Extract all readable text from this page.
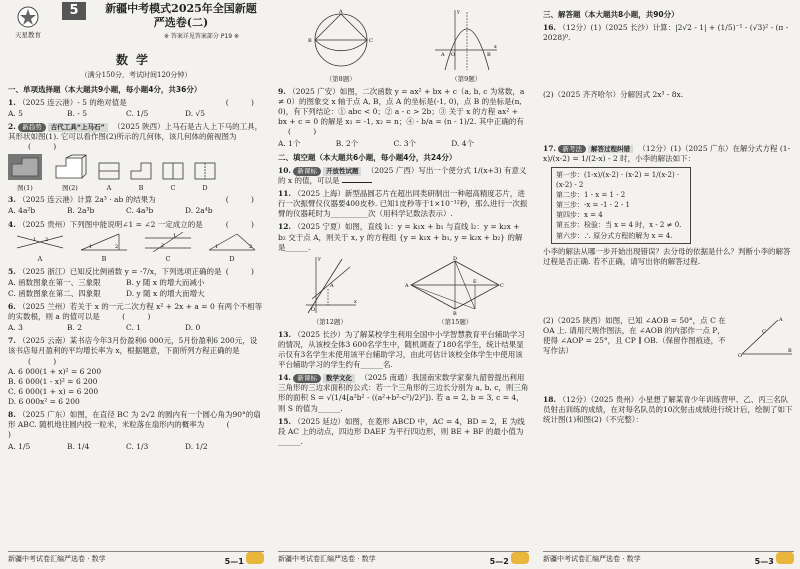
天星教育
5	新疆中考模式2025年全国新题
严选卷(二)
※ 答案详见答案部分 P19 ※
数学
（满分150分，考试时间120分钟）
一、单项选择题（本大题共9小题，每小题4分，共36分）
( )
1. （2025 连云港）- 5 的绝对值是
A. 5	B. - 5	C. 1/5	D. √5
2. 新趋势 古代工具“上马石” （2025 陕西）上马石是古人上下马的工具，其形状如图(1). 它可以看作图(2)所示的几何体，该几何体的俯视图为 ( )
图(1)	图(2)	A	B	C	D
( )
3. （2025 连云港）计算 2a³ · ab 的结果为
A. 4a²b	B. 2a³b	C. 4a³b	D. 2a⁴b
( )
4. （2025 贵州）下列图中能说明∠1 = ∠2 一定成立的是
1 2
A
1	2
B
1
2
C
1	2
D
( )
5. （2025 浙江）已知反比例函数 y = -7/x，下列选项正确的是
A. 函数图象在第一、三象限	B. y 随 x 的增大而减小
C. 函数图象在第二、四象限	D. y 随 x 的增大而增大
6. （2025 兰州）若关于 x 的一元二次方程 x² + 2x + a = 0 有两个不相等的实数根，则 a 的值可以是	( )
A. 3	B. 2	C. 1	D. 0
7. （2025 云南）某书店今年3月份盈利6 000元，5月份盈利6 200元，设该书店每月盈利的平均增长率为 x，根据题意，下面所列方程正确的是 ( )
A. 6 000(1 + x)² = 6 200
B. 6 000(1 - x)² = 6 200
C. 6 000(1 + x) = 6 200
D. 6 000x² = 6 200
8. （2025 广东）如图，在直径 BC 为 2√2 的圆内有一个圆心角为90°的扇形 ABC. 随机地往圆内投一粒米，米粒落在扇形内的概率为	( )
A. 1/5	B. 1/4	C. 1/3	D. 1/2
新疆中考试卷汇编严选卷 · 数学	5—1
A
B	C
（第8题）
A	B
O
x
y
（第9题）
9. （2025 广安）如图，二次函数 y = ax² + bx + c（a, b, c 为常数，a ≠ 0）的图象交 x 轴于点 A, B，点 A 的坐标是(-1, 0)，点 B 的坐标是(n, 0)，有下列结论：① abc < 0；② a - c > 2b；③ 关于 x 的方程 ax² + bx + c = 0 的解是 x₁ = -1, x₂ = n；④ - b/a = (n - 1)/2. 其中正确的有 ( )
A. 1个	B. 2个	C. 3个	D. 4个
二、填空题（本大题共6小题，每小题4分，共24分）
10. 新课标 开放性试题 （2025 广西）写出一个使分式 1/(x+3) 有意义的 x 的值，可以是
11. （2025 上海）新型晶圆芯片在超出同类研制出一种超高精度芯片，进行一次振臂仪仪器要400皮秒. 已知1皮秒等于1×10⁻¹²秒，那么进行一次振臂的仪器耗时为__________次（用科学记数法表示）.
12. （2025 宁夏）如图，直线 l₁：y = k₁x + b₁ 与直线 l₂：y = k₂x + b₂ 交于点 A，则关于 x, y 的方程组 {y = k₁x + b₁, y = k₂x + b₂} 的解是______.
A
O
x
y
（第12题）
A
D
C
B
E
（第15题）
13. （2025 长沙）为了解某校学生利用全国中小学智慧教育平台辅助学习的情况，从该校全体3 600名学生中，随机调查了180名学生，统计结果显示仅有3名学生未使用该平台辅助学习，由此可估计该校全体学生中使用该平台辅助学习的学生约有______名.
14. 新课标 数学文化 （2025 南通）我国南宋数学家秦九韶曾提出利用三角形的三边求面积的公式：若一个三角形的三边长分别为 a, b, c，则三角形的面积 S = √(1/4[a²b² - ((a²+b²-c²)/2)²]). 若 a = 2, b = 3, c = 4，则 S 的值为______.
15. （2025 延边）如图，在菱形 ABCD 中，AC = 4，BD = 2，E 为线段 AC 上的动点，四边形 DAEF 为平行四边形，则 BE + BF 的最小值为______.
新疆中考试卷汇编严选卷 · 数学	5—2
三、解答题（本大题共8小题，共90分）
16. （12分）(1)（2025 长沙）计算：|2√2 - 1| + (1/5)⁻¹ - (√3)² - (π - 2028)⁰.
(2)（2025 齐齐哈尔）分解因式 2x³ - 8x.
17. 新考法 解答过程纠错 （12分）(1)（2025 广东）在解分式方程 (1-x)/(x-2) = 1/(2-x) - 2 时，小李的解法如下：
第一步：(1-x)/(x-2) · (x-2) = 1/(x-2) · (x-2) - 2
第二步：1 - x = 1 - 2
第三步：-x = -1 - 2 - 1
第四步：x = 4
第五步：检验：当 x = 4 时，x - 2 ≠ 0.
第六步：∴ 原分式方程的解为 x = 4.
小李的解法从哪一步开始出现错误？去分母的依据是什么？判断小李的解答过程是否正确. 若不正确，请写出你的解答过程.
(2)（2025 陕西）如图，已知 ∠AOB = 50°，点 C 在 OA 上. 请用尺规作图法，在 ∠AOB 的内部作一点 P，使得 ∠AOP = 25°，且 CP ∥ OB.（保留作图痕迹，不写作法）
O
B
A
C
18. （12分）（2025 贵州）小星想了解某青少年训练营甲、乙、丙三名队员射击训练的成绩，在对每名队员的10次射击成绩进行统计后，绘制了如下统计图(1)和图(2)（不完整）：
新疆中考试卷汇编严选卷 · 数学	5—3
